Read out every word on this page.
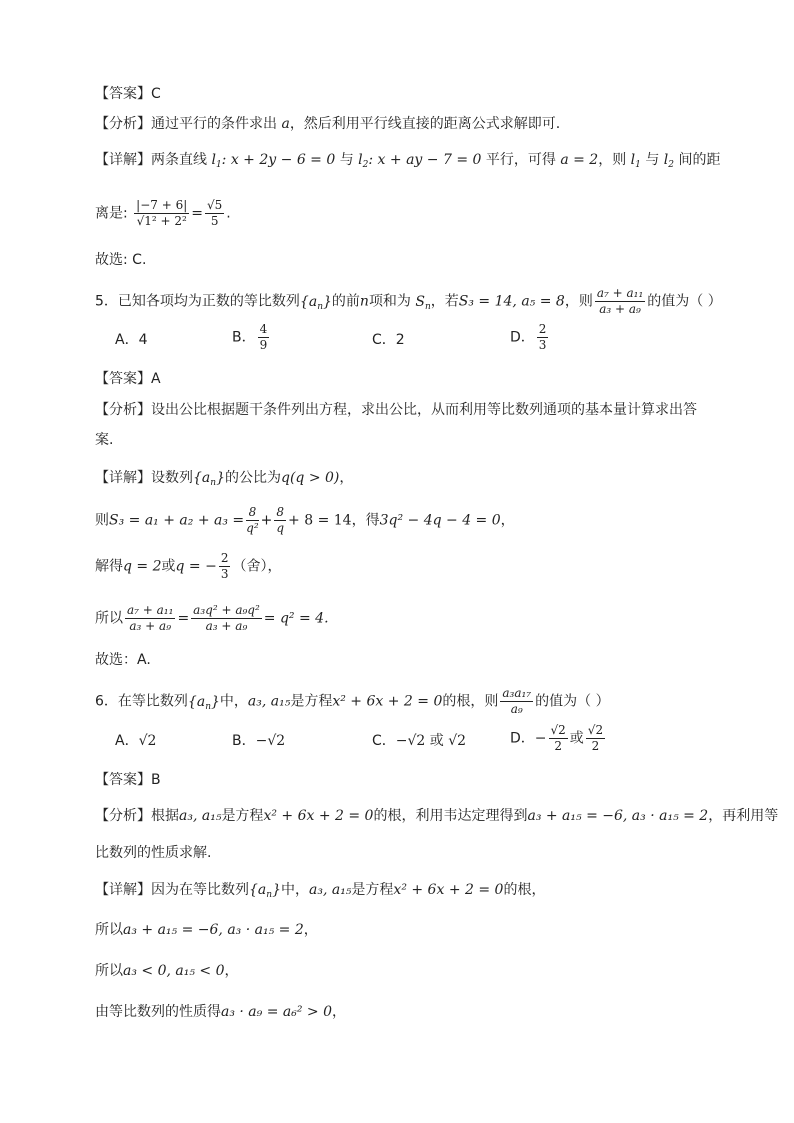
【答案】C
【分析】通过平行的条件求出 a，然后利用平行线直接的距离公式求解即可.
【详解】两条直线 $l_1$: x + 2y − 6 = 0 与 $l_2$: x + ay − 7 = 0 平行，可得 a = 2，则 $l_1$ 与 $l_2$ 间的距
离是: $\frac{|-7 + 6|}{\text{√1² + 2²}} = \frac{√5}{5}$ .
故选: C.
5．已知各项均为正数的等比数列$\{a_n\}$的前n项和为 $S_n$，若S₃ = 14, a₅ = 8，则 $\frac{\text{a₇ + a₁₁}}{\text{a₃ + a₉}}$ 的值为（ ）
A．4	B． $\frac{4}{9}$	C．2	D． $\frac{2}{3}$
【答案】A
【分析】设出公比根据题干条件列出方程，求出公比，从而利用等比数列通项的基本量计算求出答
案.
【详解】设数列$\{a_n\}$的公比为q(q > 0)，
则$S_3 = a_1 + a_2 + a_3 = \frac{8}{\text{q²}} + \frac{8}{q} + 8 = 14$，得3q² − 4q − 4 = 0，
解得q = 2或q = − $\frac{2}{3}$ （舍），
所以 $\frac{\text{a₇ + a₁₁}}{\text{a₃ + a₉}} = \frac{\text{a₃q² + a₉q²}}{\text{a₃ + a₉}} = q^2 = 4$.
故选：A.
6．在等比数列$\{a_n\}$中，a₃, a₁₅是方程x² + 6x + 2 = 0的根，则 $\frac{\text{a₃a₁₇}}{\text{a₉}}$ 的值为（ ）
A．√2	B．−√2	C．−√2 或 √2	D．− $\frac{√2}{2}$ 或 $\frac{√2}{2}$
【答案】B
【分析】根据a₃, a₁₅是方程x² + 6x + 2 = 0的根，利用韦达定理得到a₃ + a₁₅ = −6, a₃ · a₁₅ = 2，再利用等
比数列的性质求解.
【详解】因为在等比数列$\{a_n\}$中，a₃, a₁₅是方程x² + 6x + 2 = 0的根，
所以a₃ + a₁₅ = −6, a₃ · a₁₅ = 2，
所以a₃ < 0, a₁₅ < 0，
由等比数列的性质得a₃ · a₉ = a₆² > 0，
